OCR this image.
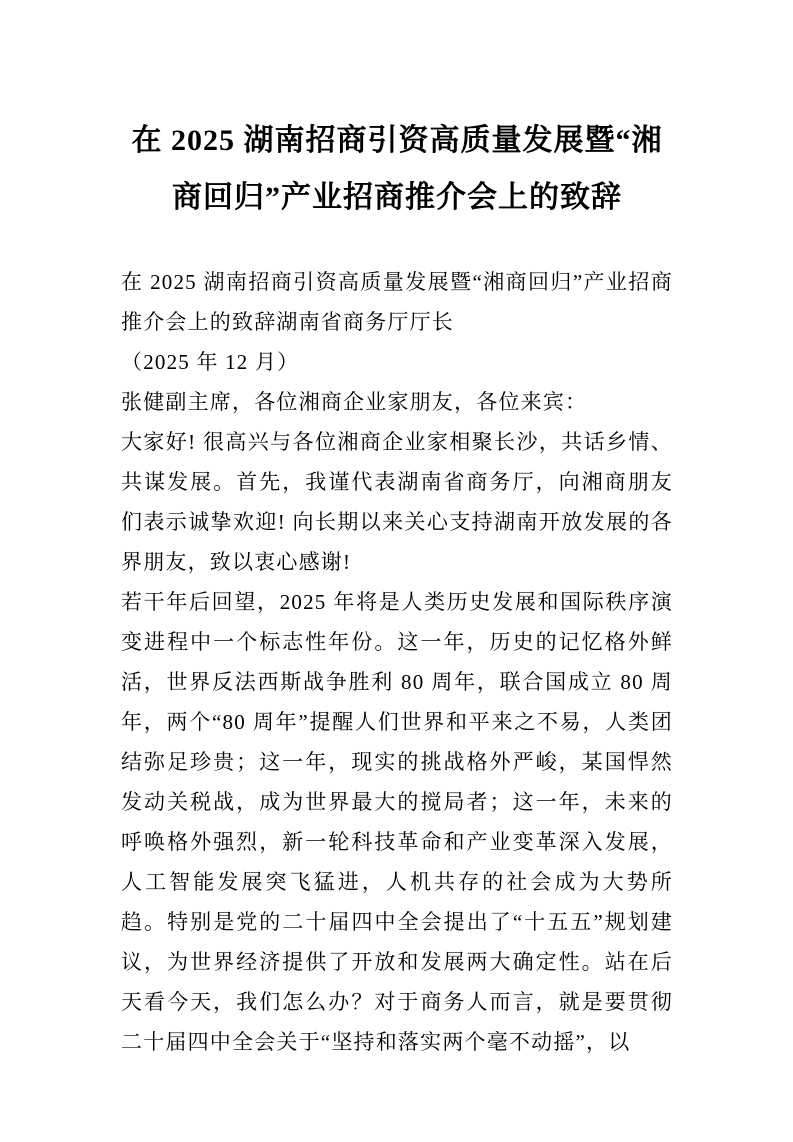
在 2025 湖南招商引资高质量发展暨“湘商回归”产业招商推介会上的致辞

在 2025 湖南招商引资高质量发展暨“湘商回归”产业招商推介会上的致辞湖南省商务厅厅长

（2025 年 12 月）

张健副主席，各位湘商企业家朋友，各位来宾：

大家好! 很高兴与各位湘商企业家相聚长沙，共话乡情、共谋发展。首先，我谨代表湖南省商务厅，向湘商朋友们表示诚挚欢迎! 向长期以来关心支持湖南开放发展的各界朋友，致以衷心感谢!

若干年后回望，2025 年将是人类历史发展和国际秩序演变进程中一个标志性年份。这一年，历史的记忆格外鲜活，世界反法西斯战争胜利 80 周年，联合国成立 80 周年，两个“80 周年”提醒人们世界和平来之不易，人类团结弥足珍贵；这一年，现实的挑战格外严峻，某国悍然发动关税战，成为世界最大的搅局者；这一年，未来的呼唤格外强烈，新一轮科技革命和产业变革深入发展，人工智能发展突飞猛进，人机共存的社会成为大势所趋。特别是党的二十届四中全会提出了“十五五”规划建议，为世界经济提供了开放和发展两大确定性。站在后天看今天，我们怎么办？对于商务人而言，就是要贯彻二十届四中全会关于“坚持和落实两个毫不动摇”，以
